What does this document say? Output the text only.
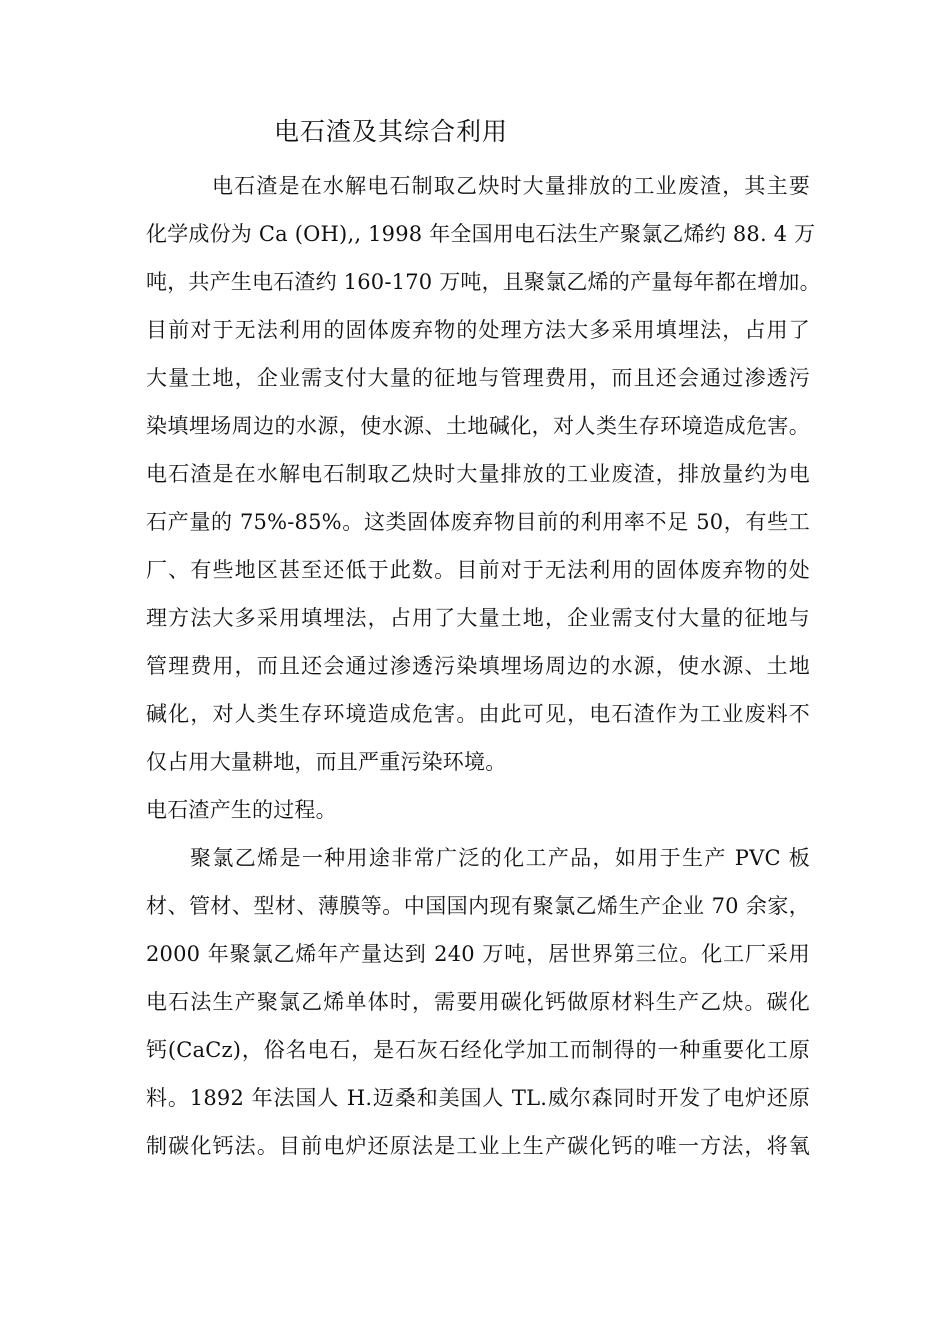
电石渣及其综合利用
电石渣是在水解电石制取乙炔时大量排放的工业废渣，其主要
化学成份为 Ca (OH),, 1998 年全国用电石法生产聚氯乙烯约 88. 4 万
吨，共产生电石渣约 160-170 万吨，且聚氯乙烯的产量每年都在增加。
目前对于无法利用的固体废弃物的处理方法大多采用填埋法，占用了
大量土地，企业需支付大量的征地与管理费用，而且还会通过渗透污
染填埋场周边的水源，使水源、土地碱化，对人类生存环境造成危害。
电石渣是在水解电石制取乙炔时大量排放的工业废渣，排放量约为电
石产量的 75%-85%。这类固体废弃物目前的利用率不足 50，有些工
厂、有些地区甚至还低于此数。目前对于无法利用的固体废弃物的处
理方法大多采用填埋法，占用了大量土地，企业需支付大量的征地与
管理费用，而且还会通过渗透污染填埋场周边的水源，使水源、土地
碱化，对人类生存环境造成危害。由此可见，电石渣作为工业废料不
仅占用大量耕地，而且严重污染环境。
电石渣产生的过程。
聚氯乙烯是一种用途非常广泛的化工产品，如用于生产 PVC 板
材、管材、型材、薄膜等。中国国内现有聚氯乙烯生产企业 70 余家，
2000 年聚氯乙烯年产量达到 240 万吨，居世界第三位。化工厂采用
电石法生产聚氯乙烯单体时，需要用碳化钙做原材料生产乙炔。碳化
钙(CaCz)，俗名电石，是石灰石经化学加工而制得的一种重要化工原
料。1892 年法国人 H.迈桑和美国人 TL.威尔森同时开发了电炉还原
制碳化钙法。目前电炉还原法是工业上生产碳化钙的唯一方法，将氧
